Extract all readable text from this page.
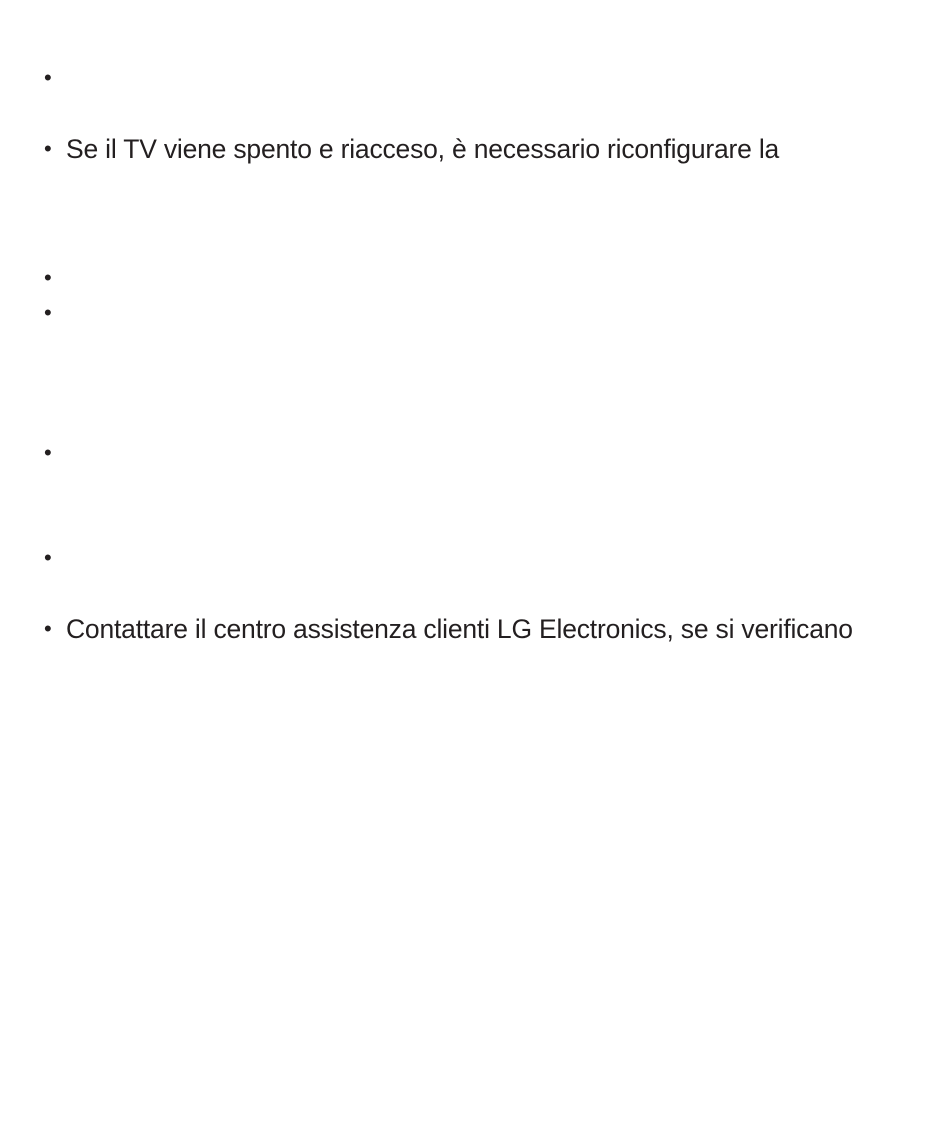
•
• Se il TV viene spento e riacceso, è necessario riconfigurare la
•
•
•
•
• Contattare il centro assistenza clienti LG Electronics, se si verificano
